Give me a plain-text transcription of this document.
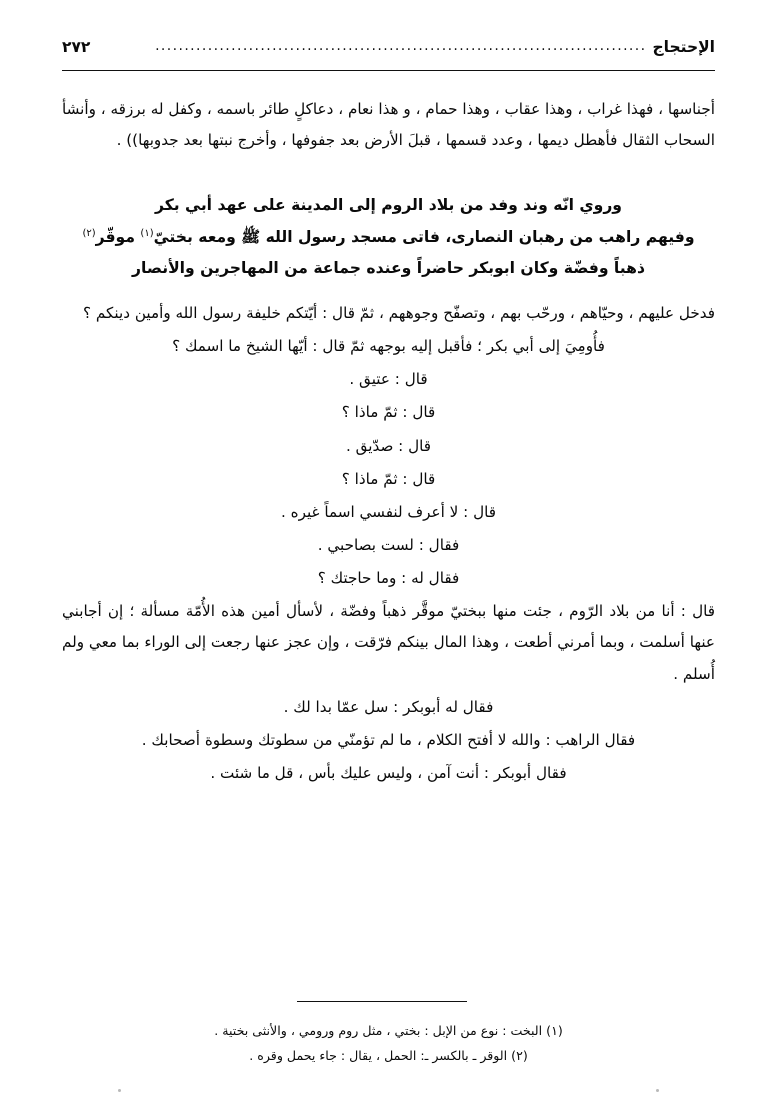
الإحتجاج
....................................................................................
٢٧٢

أجناسها ، فهذا غراب ، وهذا عقاب ، وهذا حمام ، و هذا نعام ، دعاكلٍ طائر باسمه ، وكفل له برزقه ، وأنشأ السحاب الثقال فأهطل ديمها ، وعدد قسمها ، قبلَ الأرض بعد جفوفها ، وأخرج نبتها بعد جدوبها)) .

وروي انّه وند وفد من بلاد الروم إلى المدينة على عهد أبي بكر
وفيهم راهب من رهبان النصارى، فاتى مسجد رسول الله ﷺ ومعه بختيّ$^{(١)}$ موقّر$^{(٢)}$
ذهباً وفضّة وكان ابوبكر حاضراً وعنده جماعة من المهاجرين والأنصار

فدخل عليهم ، وحيّاهم ، ورحّب بهم ، وتصفّح وجوههم ، ثمّ قال : أيّتكم خليفة رسول الله وأمين دينكم ؟

فأُومِيَ إلى أبي بكر ؛ فأقبل إليه بوجهه ثمّ قال : أيّها الشيخ ما اسمك ؟

قال : عتيق .

قال : ثمّ ماذا ؟

قال : صدّيق .

قال : ثمّ ماذا ؟

قال : لا أعرف لنفسي اسماً غيره .

فقال : لست بصاحبي .

فقال له : وما حاجتك ؟

قال : أنا من بلاد الرّوم ، جئت منها ببختيّ موقَّر ذهباً وفضّة ، لأسأل أمين هذه الأُمّة مسألة ؛ إن أجابني عنها أسلمت ، وبما أمرني أطعت ، وهذا المال بينكم فرّقت ، وإن عجز عنها رجعت إلى الوراء بما معي ولم أُسلم .

فقال له أبوبكر : سل عمّا بدا لك .

فقال الراهب : والله لا أفتح الكلام ، ما لم تؤمنّي من سطوتك وسطوة أصحابك .

فقال أبوبكر : أنت آمن ، وليس عليك بأس ، قل ما شئت .

(١) البخت : نوع من الإبل : بختي ، مثل روم ورومي ، والأنثى بختية .

(٢) الوقر ـ بالكسر ـ: الحمل ، يقال : جاء يحمل وقره .
